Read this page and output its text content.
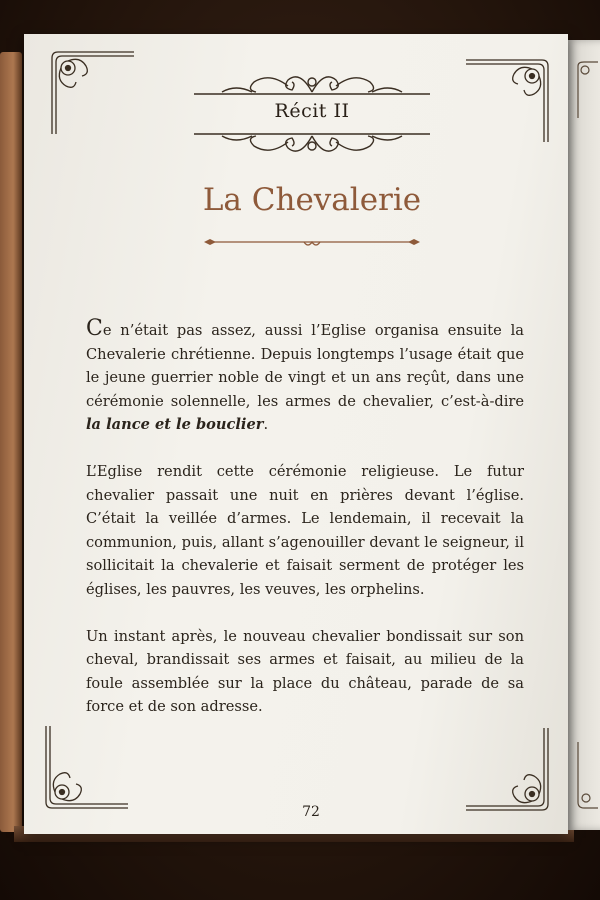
Récit II
La Chevalerie

Ce n’était pas assez, aussi l’Eglise organisa ensuite la Chevalerie chrétienne. Depuis longtemps l’usage était que le jeune guerrier noble de vingt et un ans reçût, dans une cérémonie solennelle, les armes de chevalier, c’est-à-dire la lance et le bouclier.

L’Eglise rendit cette cérémonie religieuse. Le futur chevalier passait une nuit en prières devant l’église. C’était la veillée d’armes. Le lendemain, il recevait la communion, puis, allant s’agenouiller devant le seigneur, il sollicitait la chevalerie et faisait serment de protéger les églises, les pauvres, les veuves, les orphelins.

Un instant après, le nouveau chevalier bondissait sur son cheval, brandissait ses armes et faisait, au milieu de la foule assemblée sur la place du château, parade de sa force et de son adresse.

72
